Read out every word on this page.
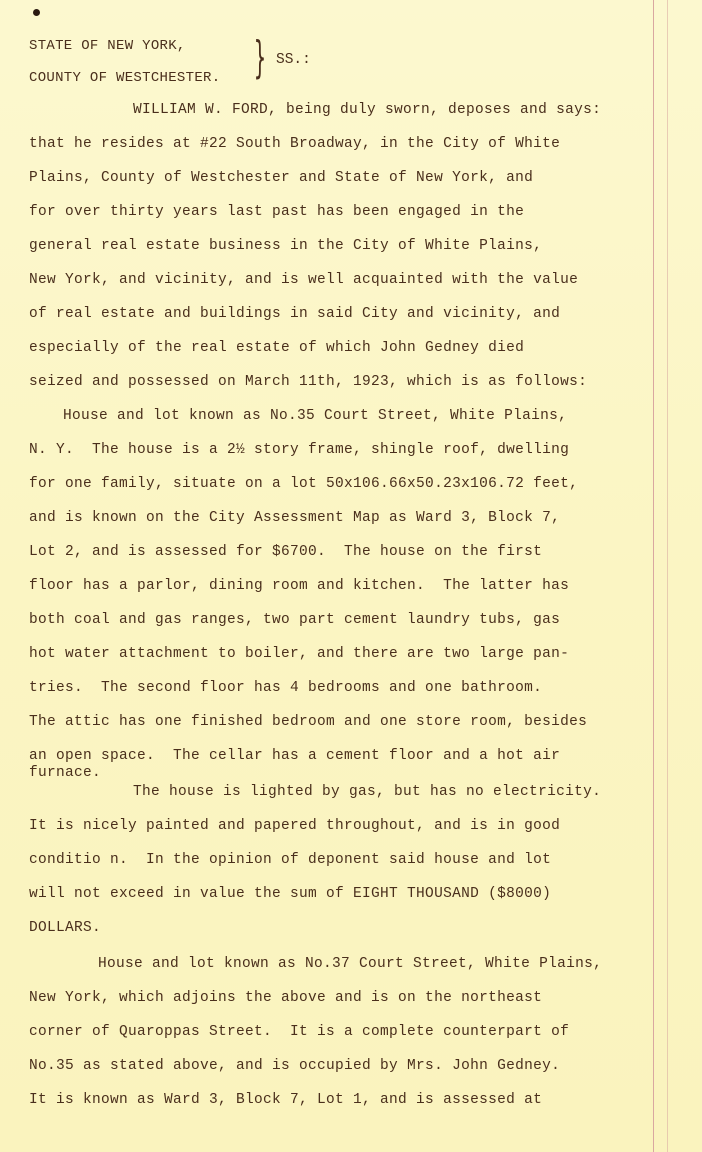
STATE OF NEW YORK,
COUNTY OF WESTCHESTER. } SS.:
WILLIAM W. FORD, being duly sworn, deposes and says:
that he resides at #22 South Broadway, in the City of White
Plains, County of Westchester and State of New York, and
for over thirty years last past has been engaged in the
general real estate business in the City of White Plains,
New York, and vicinity, and is well acquainted with the value
of real estate and buildings in said City and vicinity, and
especially of the real estate of which John Gedney died
seized and possessed on March 11th, 1923, which is as follows:
House and lot known as No.35 Court Street, White Plains,
N. Y.  The house is a 2½ story frame, shingle roof, dwelling
for one family, situate on a lot 50x106.66x50.23x106.72 feet,
and is known on the City Assessment Map as Ward 3, Block 7,
Lot 2, and is assessed for $6700.  The house on the first
floor has a parlor, dining room and kitchen.  The latter has
both coal and gas ranges, two part cement laundry tubs, gas
hot water attachment to boiler, and there are two large pan-
tries.  The second floor has 4 bedrooms and one bathroom.
The attic has one finished bedroom and one store room, besides
an open space.  The cellar has a cement floor and a hot air
furnace.
The house is lighted by gas, but has no electricity.
It is nicely painted and papered throughout, and is in good
conditio n.  In the opinion of deponent said house and lot
will not exceed in value the sum of EIGHT THOUSAND ($8000)
DOLLARS.
House and lot known as No.37 Court Street, White Plains,
New York, which adjoins the above and is on the northeast
corner of Quaroppas Street.  It is a complete counterpart of
No.35 as stated above, and is occupied by Mrs. John Gedney.
It is known as Ward 3, Block 7, Lot 1, and is assessed at
